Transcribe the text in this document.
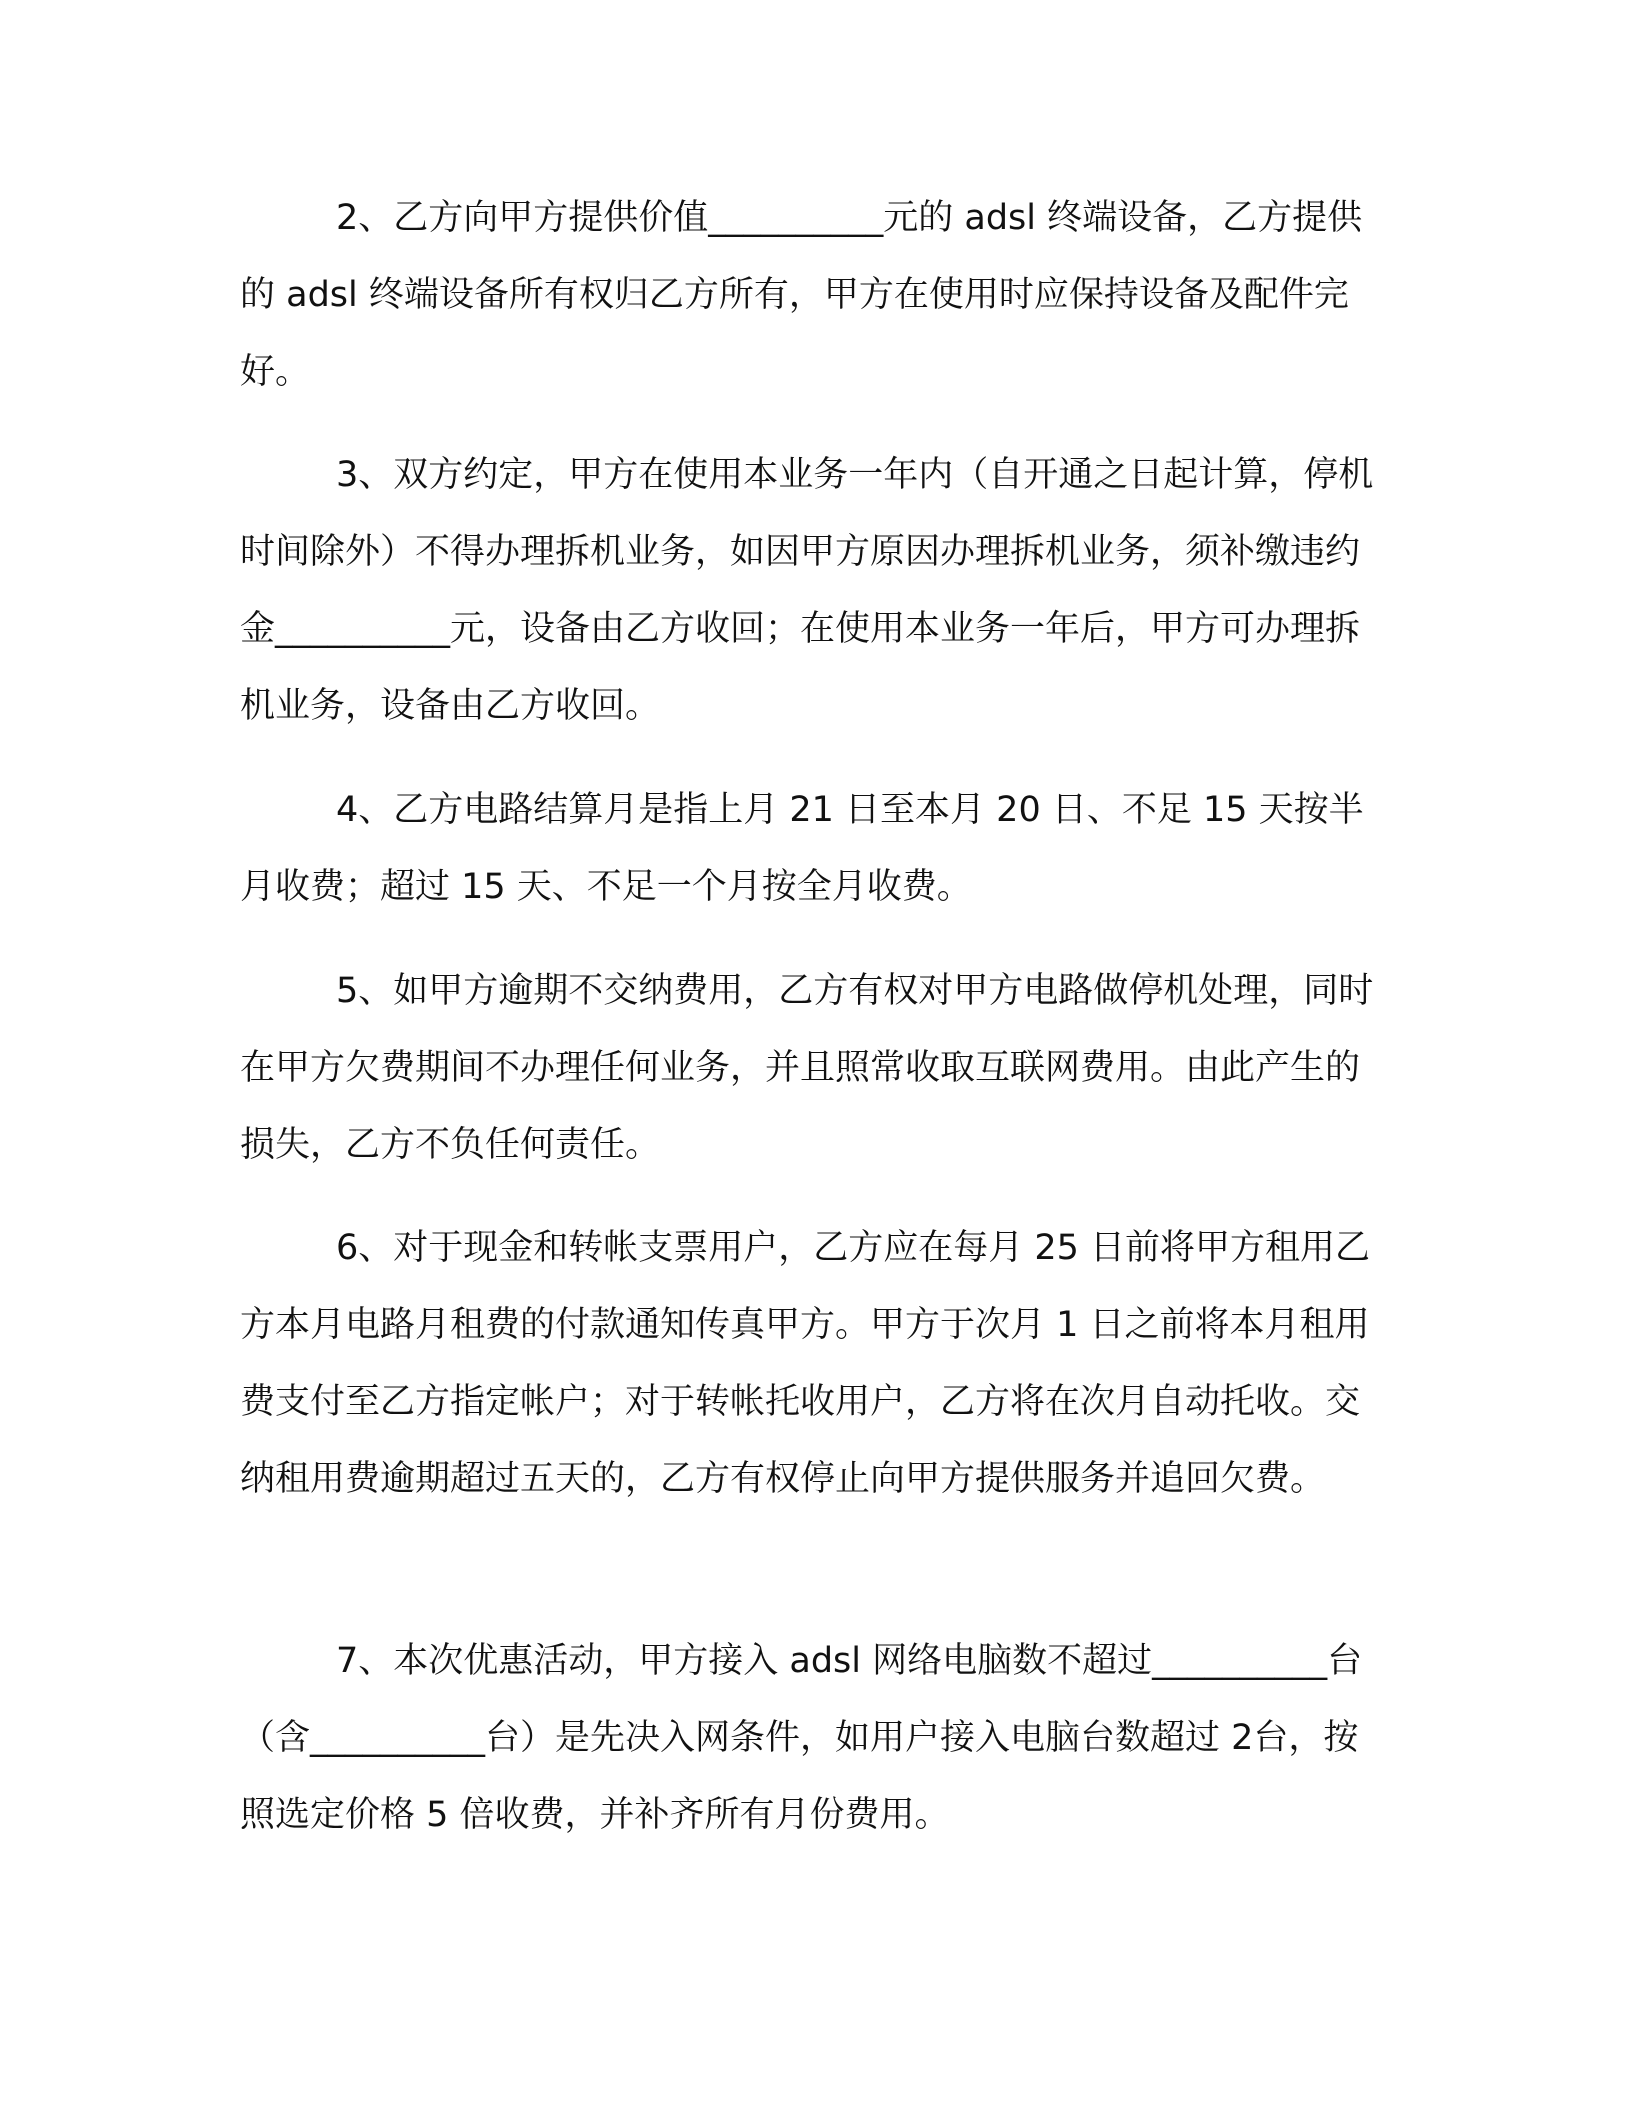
2、乙方向甲方提供价值__________元的 adsl 终端设备，乙方提供的 adsl 终端设备所有权归乙方所有，甲方在使用时应保持设备及配件完好。

3、双方约定，甲方在使用本业务一年内（自开通之日起计算，停机时间除外）不得办理拆机业务，如因甲方原因办理拆机业务，须补缴违约金__________元，设备由乙方收回；在使用本业务一年后，甲方可办理拆机业务，设备由乙方收回。

4、乙方电路结算月是指上月 21 日至本月 20 日、不足 15 天按半月收费；超过 15 天、不足一个月按全月收费。

5、如甲方逾期不交纳费用，乙方有权对甲方电路做停机处理，同时在甲方欠费期间不办理任何业务，并且照常收取互联网费用。由此产生的损失，乙方不负任何责任。

6、对于现金和转帐支票用户，乙方应在每月 25 日前将甲方租用乙方本月电路月租费的付款通知传真甲方。甲方于次月 1 日之前将本月租用费支付至乙方指定帐户；对于转帐托收用户，乙方将在次月自动托收。交纳租用费逾期超过五天的，乙方有权停止向甲方提供服务并追回欠费。

7、本次优惠活动，甲方接入 adsl 网络电脑数不超过__________台（含__________台）是先决入网条件，如用户接入电脑台数超过 2台，按照选定价格 5 倍收费，并补齐所有月份费用。
